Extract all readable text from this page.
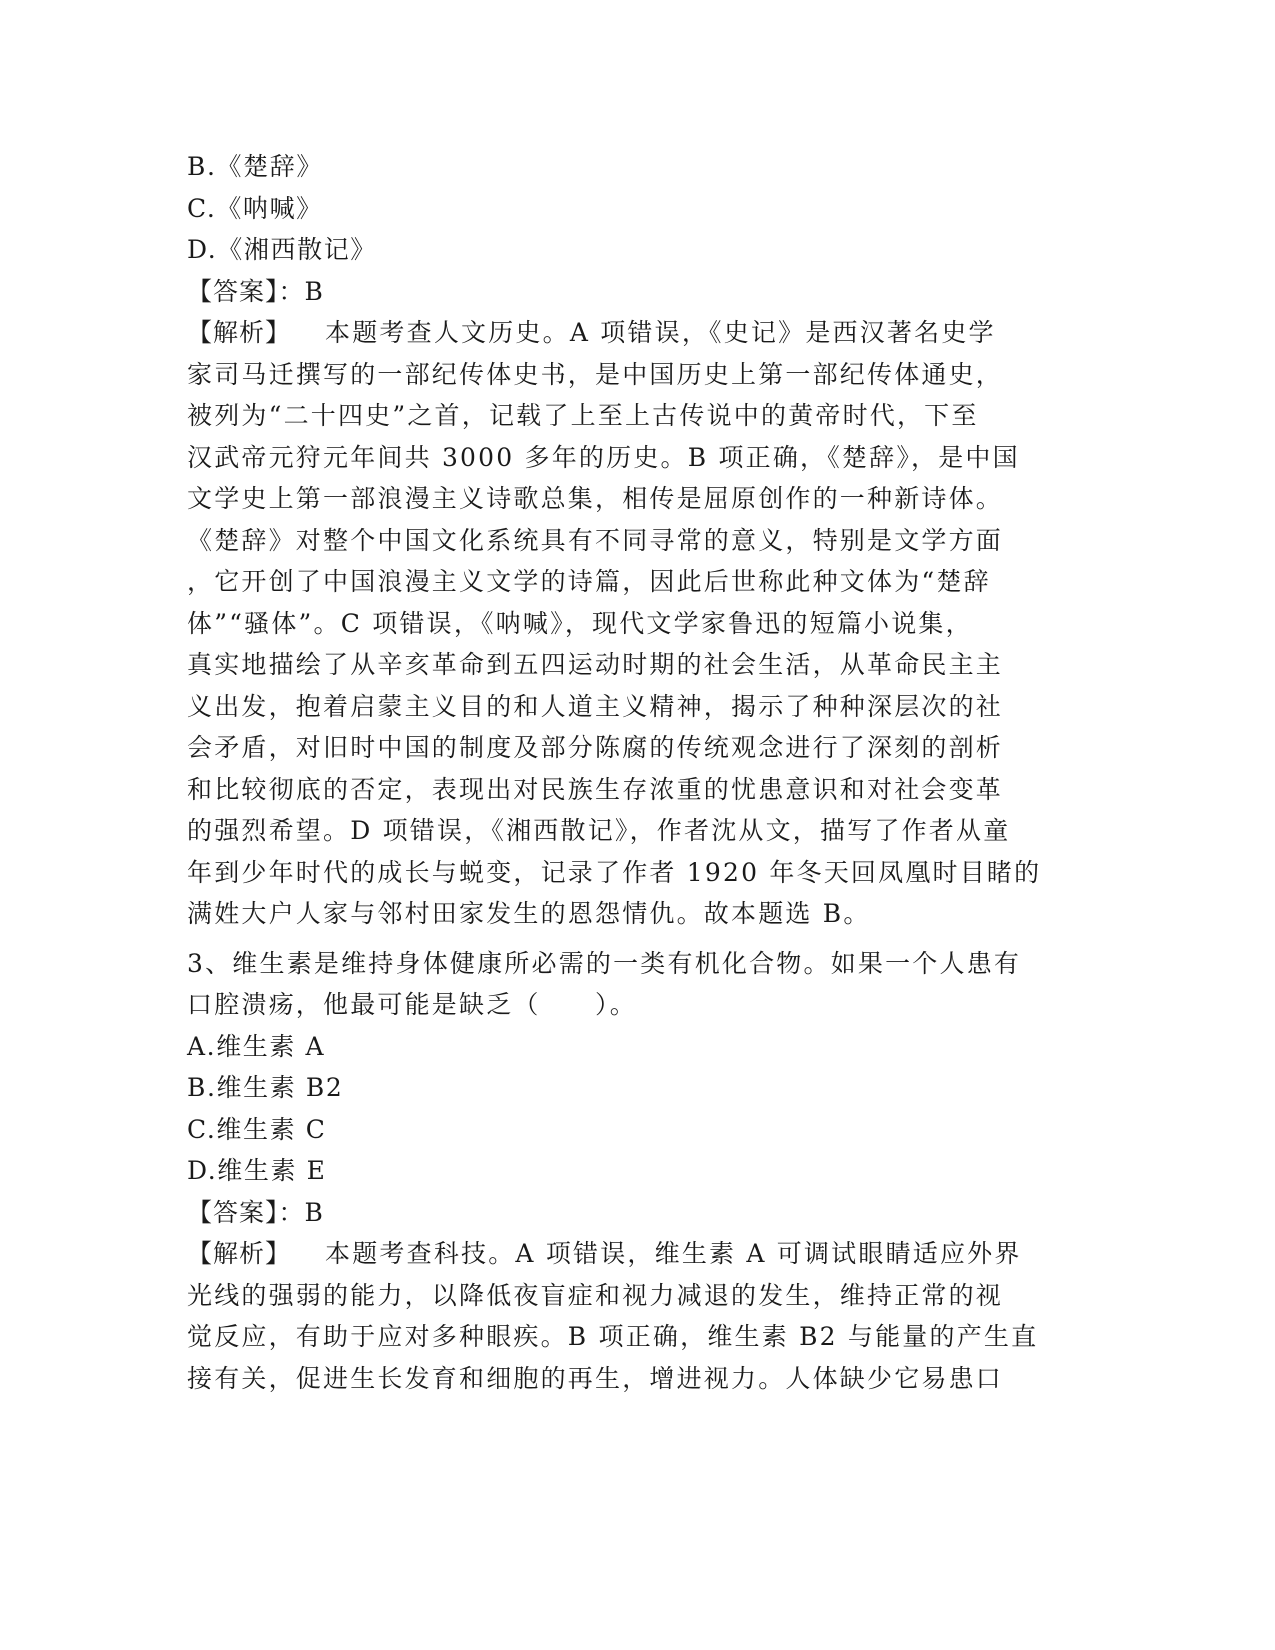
B.《楚辞》
C.《呐喊》
D.《湘西散记》
【答案】：B
【解析】 本题考查人文历史。A 项错误，《史记》是西汉著名史学
家司马迁撰写的一部纪传体史书，是中国历史上第一部纪传体通史，
被列为“二十四史”之首，记载了上至上古传说中的黄帝时代，下至
汉武帝元狩元年间共 3000 多年的历史。B 项正确，《楚辞》，是中国
文学史上第一部浪漫主义诗歌总集，相传是屈原创作的一种新诗体。
《楚辞》对整个中国文化系统具有不同寻常的意义，特别是文学方面
，它开创了中国浪漫主义文学的诗篇，因此后世称此种文体为“楚辞
体”“骚体”。C 项错误，《呐喊》，现代文学家鲁迅的短篇小说集，
真实地描绘了从辛亥革命到五四运动时期的社会生活，从革命民主主
义出发，抱着启蒙主义目的和人道主义精神，揭示了种种深层次的社
会矛盾，对旧时中国的制度及部分陈腐的传统观念进行了深刻的剖析
和比较彻底的否定，表现出对民族生存浓重的忧患意识和对社会变革
的强烈希望。D 项错误，《湘西散记》，作者沈从文，描写了作者从童
年到少年时代的成长与蜕变，记录了作者 1920 年冬天回凤凰时目睹的
满姓大户人家与邻村田家发生的恩怨情仇。故本题选 B。
3、维生素是维持身体健康所必需的一类有机化合物。如果一个人患有
口腔溃疡，他最可能是缺乏（　　）。
A.维生素 A
B.维生素 B2
C.维生素 C
D.维生素 E
【答案】：B
【解析】 本题考查科技。A 项错误，维生素 A 可调试眼睛适应外界
光线的强弱的能力，以降低夜盲症和视力减退的发生，维持正常的视
觉反应，有助于应对多种眼疾。B 项正确，维生素 B2 与能量的产生直
接有关，促进生长发育和细胞的再生，增进视力。人体缺少它易患口
